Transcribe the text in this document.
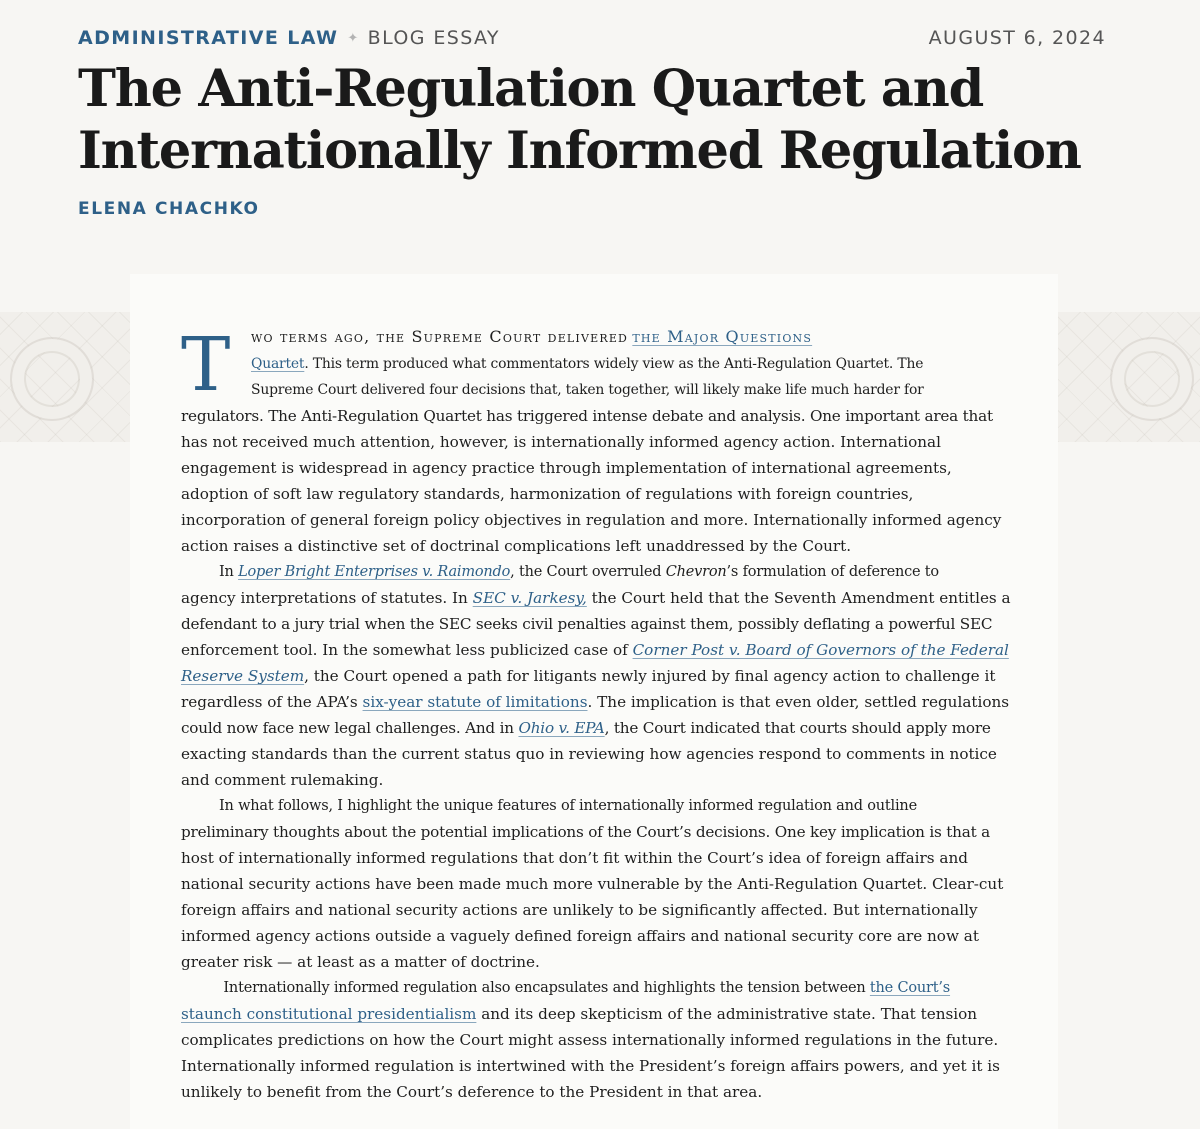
ADMINISTRATIVE LAW ✦ BLOG ESSAY	AUGUST 6, 2024
The Anti-Regulation Quartet and
Internationally Informed Regulation
ELENA CHACHKO

T	wo terms ago, the Supreme Court delivered the Major Questions
Quartet. This term produced what commentators widely view as the Anti-Regulation Quartet. The
Supreme Court delivered four decisions that, taken together, will likely make life much harder for
regulators. The Anti-Regulation Quartet has triggered intense debate and analysis. One important area that
has not received much attention, however, is internationally informed agency action. International
engagement is widespread in agency practice through implementation of international agreements,
adoption of soft law regulatory standards, harmonization of regulations with foreign countries,
incorporation of general foreign policy objectives in regulation and more. Internationally informed agency
action raises a distinctive set of doctrinal complications left unaddressed by the Court.

In Loper Bright Enterprises v. Raimondo, the Court overruled Chevron’s formulation of deference to
agency interpretations of statutes. In SEC v. Jarkesy, the Court held that the Seventh Amendment entitles a
defendant to a jury trial when the SEC seeks civil penalties against them, possibly deflating a powerful SEC
enforcement tool. In the somewhat less publicized case of Corner Post v. Board of Governors of the Federal
Reserve System, the Court opened a path for litigants newly injured by final agency action to challenge it
regardless of the APA’s six-year statute of limitations. The implication is that even older, settled regulations
could now face new legal challenges. And in Ohio v. EPA, the Court indicated that courts should apply more
exacting standards than the current status quo in reviewing how agencies respond to comments in notice
and comment rulemaking.

In what follows, I highlight the unique features of internationally informed regulation and outline
preliminary thoughts about the potential implications of the Court’s decisions. One key implication is that a
host of internationally informed regulations that don’t fit within the Court’s idea of foreign affairs and
national security actions have been made much more vulnerable by the Anti-Regulation Quartet. Clear-cut
foreign affairs and national security actions are unlikely to be significantly affected. But internationally
informed agency actions outside a vaguely defined foreign affairs and national security core are now at
greater risk — at least as a matter of doctrine.

Internationally informed regulation also encapsulates and highlights the tension between the Court’s
staunch constitutional presidentialism and its deep skepticism of the administrative state. That tension
complicates predictions on how the Court might assess internationally informed regulations in the future.
Internationally informed regulation is intertwined with the President’s foreign affairs powers, and yet it is
unlikely to benefit from the Court’s deference to the President in that area.
